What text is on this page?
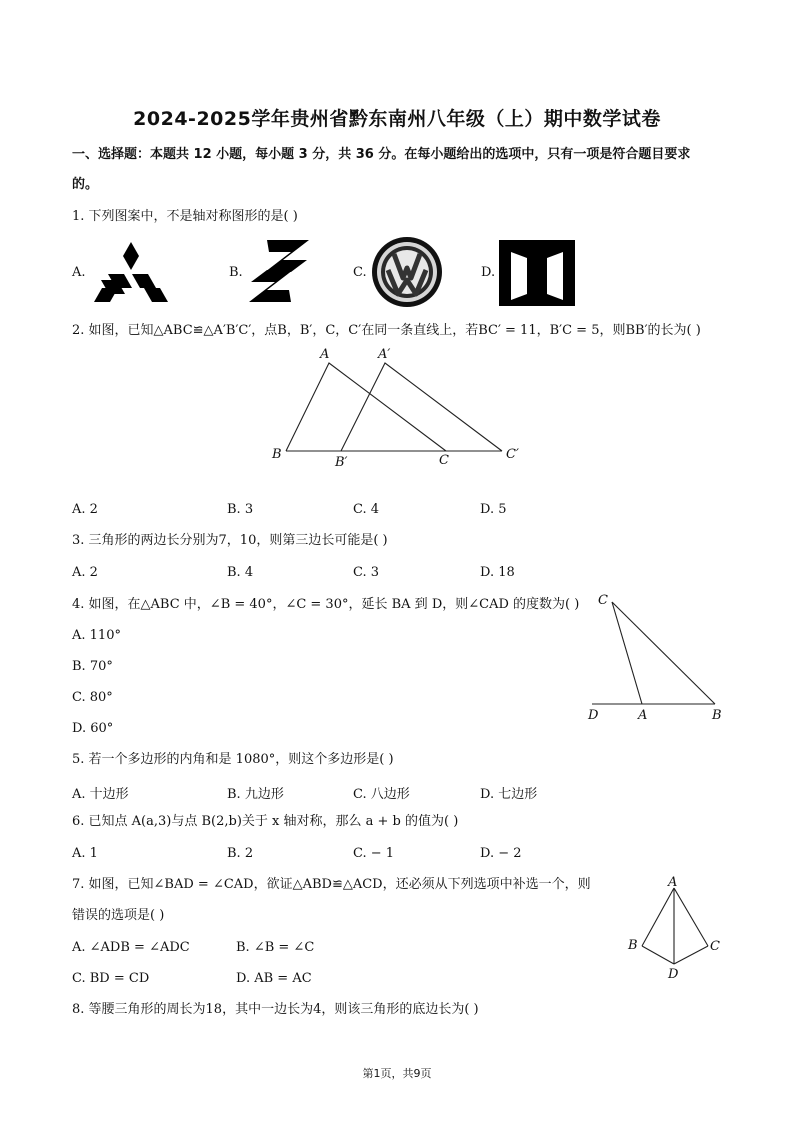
2024-2025学年贵州省黔东南州八年级（上）期中数学试卷
一、选择题：本题共 12 小题，每小题 3 分，共 36 分。在每小题给出的选项中，只有一项是符合题目要求
的。
1. 下列图案中，不是轴对称图形的是( )
A.	B.	C.	D.
2. 如图，已知△ABC≌△A′B′C′，点B，B′，C，C′在同一条直线上，若BC′ = 11，B′C = 5，则BB′的长为( )
A	A′
B
B′	C	C′
A. 2	B. 3	C. 4	D. 5
3. 三角形的两边长分别为7，10，则第三边长可能是( )
A. 2	B. 4	C. 3	D. 18
4. 如图，在△ABC 中，∠B = 40°，∠C = 30°，延长 BA 到 D，则∠CAD 的度数为( )
A. 110°
B. 70°
C. 80°
D. 60°
C
D	A	B
5. 若一个多边形的内角和是 1080°，则这个多边形是( )
A. 十边形	B. 九边形	C. 八边形	D. 七边形
6. 已知点 A(a,3)与点 B(2,b)关于 x 轴对称，那么 a + b 的值为( )
A. 1	B. 2	C. − 1	D. − 2
7. 如图，已知∠BAD = ∠CAD，欲证△ABD≌△ACD，还必须从下列选项中补选一个，则
错误的选项是( )
A. ∠ADB = ∠ADC	B. ∠B = ∠C
C. BD = CD	D. AB = AC
A
B	C
D
8. 等腰三角形的周长为18，其中一边长为4，则该三角形的底边长为( )
第1页，共9页
